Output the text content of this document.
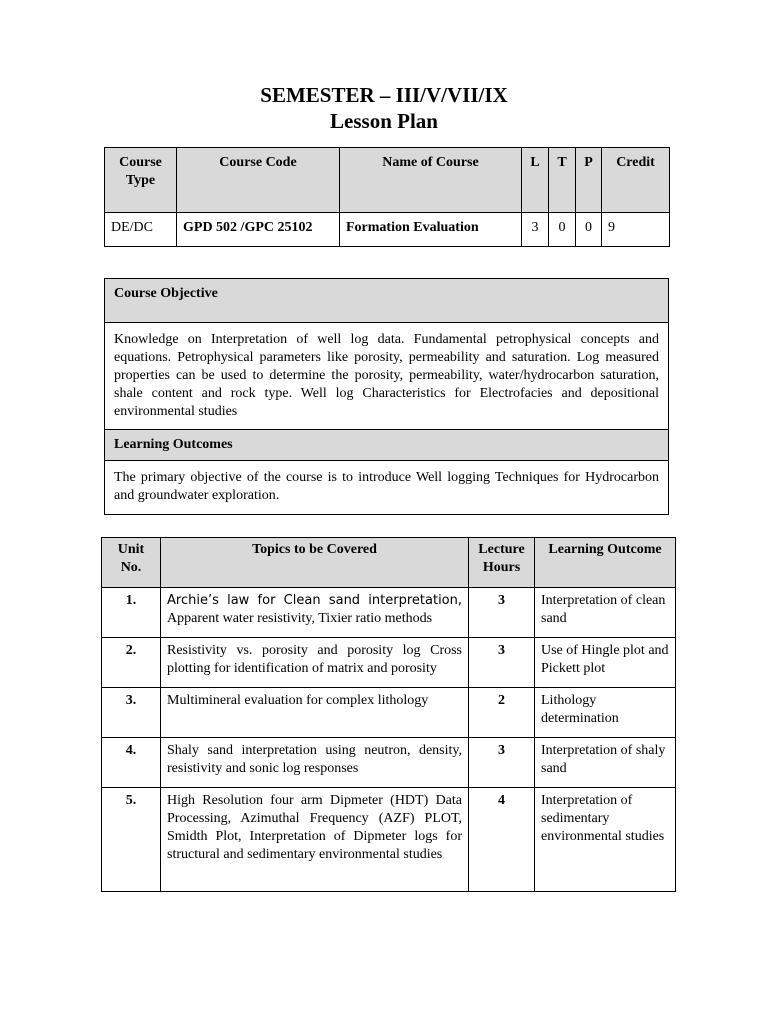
SEMESTER – III/V/VII/IX
Lesson Plan
Course Type	Course Code	Name of Course	L	T	P	Credit
DE/DC	GPD 502 /GPC 25102	Formation Evaluation	3	0	0	9
Course Objective
Knowledge on Interpretation of well log data. Fundamental petrophysical concepts and equations. Petrophysical parameters like porosity, permeability and saturation. Log measured properties can be used to determine the porosity, permeability, water/hydrocarbon saturation, shale content and rock type. Well log Characteristics for Electrofacies and depositional environmental studies
Learning Outcomes
The primary objective of the course is to introduce Well logging Techniques for Hydrocarbon and groundwater exploration.
Unit No.	Topics to be Covered	Lecture Hours	Learning Outcome
1.	Archie’s law for Clean sand interpretation, Apparent water resistivity, Tixier ratio methods	3	Interpretation of clean sand
2.	Resistivity vs. porosity and porosity log Cross plotting for identification of matrix and porosity	3	Use of Hingle plot and Pickett plot
3.	Multimineral evaluation for complex lithology	2	Lithology determination
4.	Shaly sand interpretation using neutron, density, resistivity and sonic log responses	3	Interpretation of shaly sand
5.	High Resolution four arm Dipmeter (HDT) Data Processing, Azimuthal Frequency (AZF) PLOT, Smidth Plot, Interpretation of Dipmeter logs for structural and sedimentary environmental studies	4	Interpretation of sedimentary environmental studies
